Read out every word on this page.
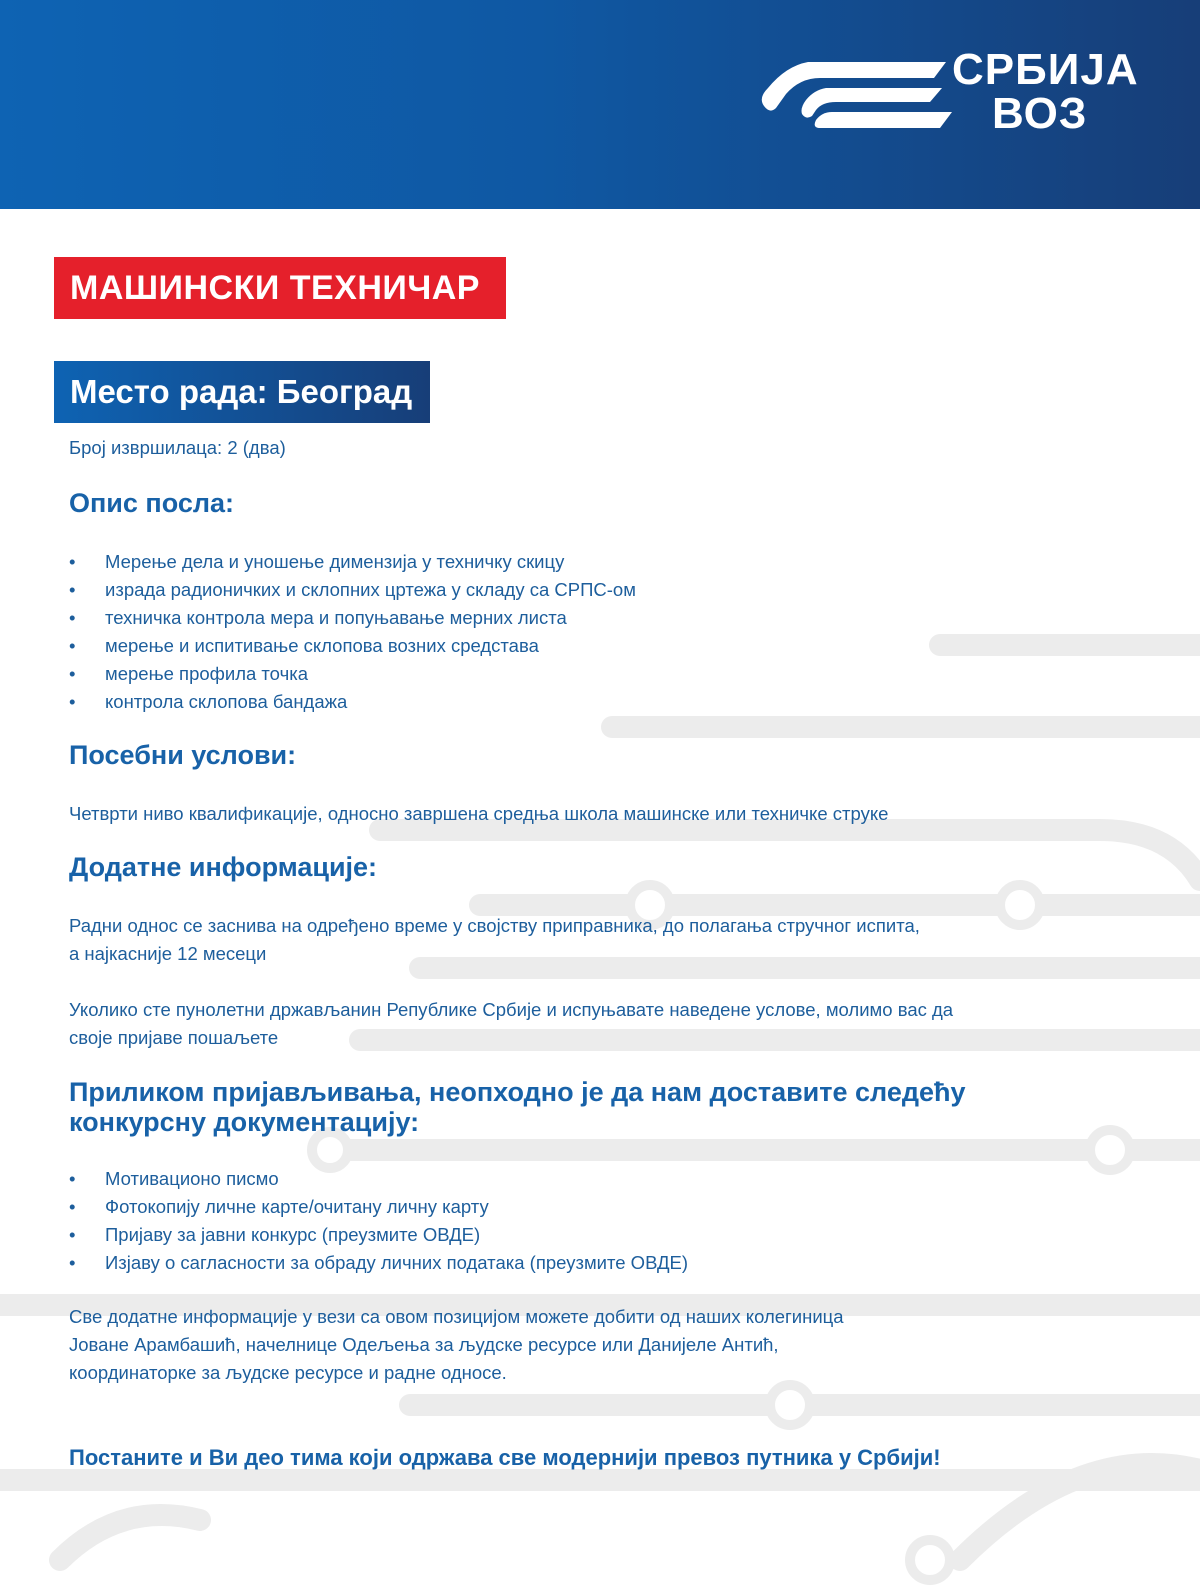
СРБИЈА
ВОЗ
МАШИНСКИ ТЕХНИЧАР
Место рада: Београд
Број извршилаца: 2 (два)
Опис посла:
• Мерење дела и уношење димензија у техничку скицу
• израда радионичких и склопних цртежа у складу са СРПС-ом
• техничка контрола мера и попуњавање мерних листа
• мерење и испитивање склопова возних средстава
• мерење профила точка
• контрола склопова бандажа
Посебни услови:
Четврти ниво квалификације, односно завршена средња школа машинске или техничке струке
Додатне информације:
Радни однос се заснива на одређено време у својству приправника, до полагања стручног испита,
а најкасније 12 месеци
Уколико сте пунолетни држављанин Републике Србије и испуњавате наведене услове, молимо вас да
своје пријаве пошаљете
Приликом пријављивања, неопходно је да нам доставите следећу
конкурсну документацију:
• Мотивационо писмо
• Фотокопију личне карте/очитану личну карту
• Пријаву за јавни конкурс (преузмите ОВДЕ)
• Изјаву о сагласности за обраду личних података (преузмите ОВДЕ)
Све додатне информације у вези са овом позицијом можете добити од наших колегиница
Јоване Арамбашић, начелнице Одељења за људске ресурсе или Данијеле Антић,
координаторке за људске ресурсе и радне односе.
Постаните и Ви део тима који одржава све модернији превоз путника у Србији!
